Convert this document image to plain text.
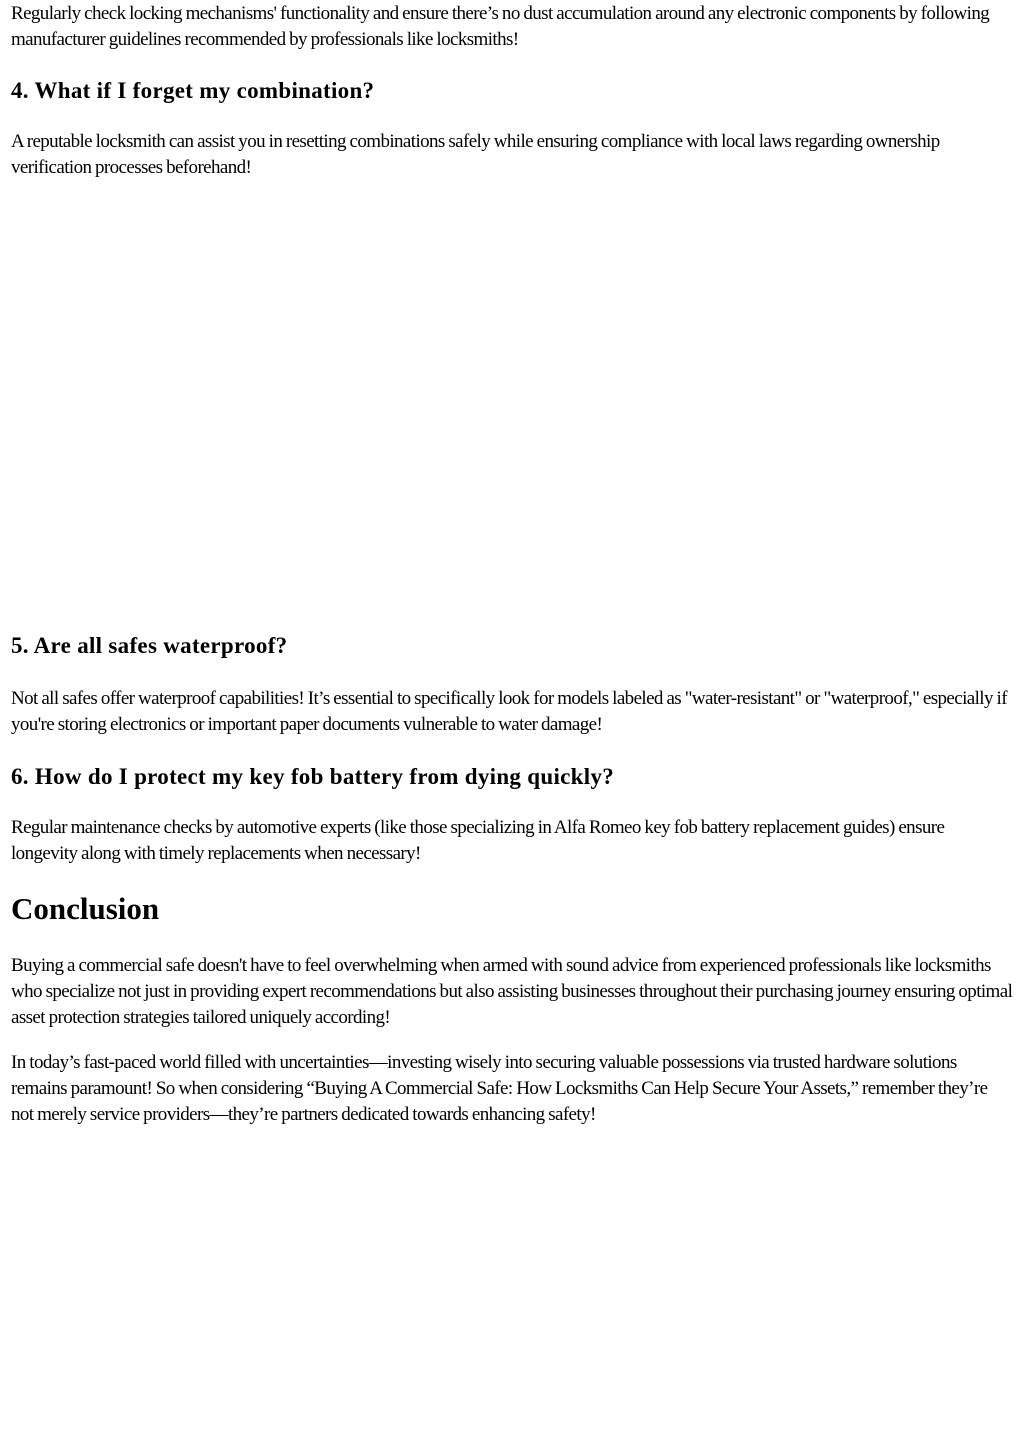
Regularly check locking mechanisms' functionality and ensure there’s no dust accumulation around any electronic components by following manufacturer guidelines recommended by professionals like locksmiths!

4. What if I forget my combination?

A reputable locksmith can assist you in resetting combinations safely while ensuring compliance with local laws regarding ownership verification processes beforehand!

5. Are all safes waterproof?

Not all safes offer waterproof capabilities! It’s essential to specifically look for models labeled as "water-resistant" or "waterproof," especially if you're storing electronics or important paper documents vulnerable to water damage!

6. How do I protect my key fob battery from dying quickly?

Regular maintenance checks by automotive experts (like those specializing in Alfa Romeo key fob battery replacement guides) ensure longevity along with timely replacements when necessary!

Conclusion

Buying a commercial safe doesn't have to feel overwhelming when armed with sound advice from experienced professionals like locksmiths who specialize not just in providing expert recommendations but also assisting businesses throughout their purchasing journey ensuring optimal asset protection strategies tailored uniquely according!

In today’s fast-paced world filled with uncertainties—investing wisely into securing valuable possessions via trusted hardware solutions remains paramount! So when considering “Buying A Commercial Safe: How Locksmiths Can Help Secure Your Assets,” remember they’re not merely service providers—they’re partners dedicated towards enhancing safety!
